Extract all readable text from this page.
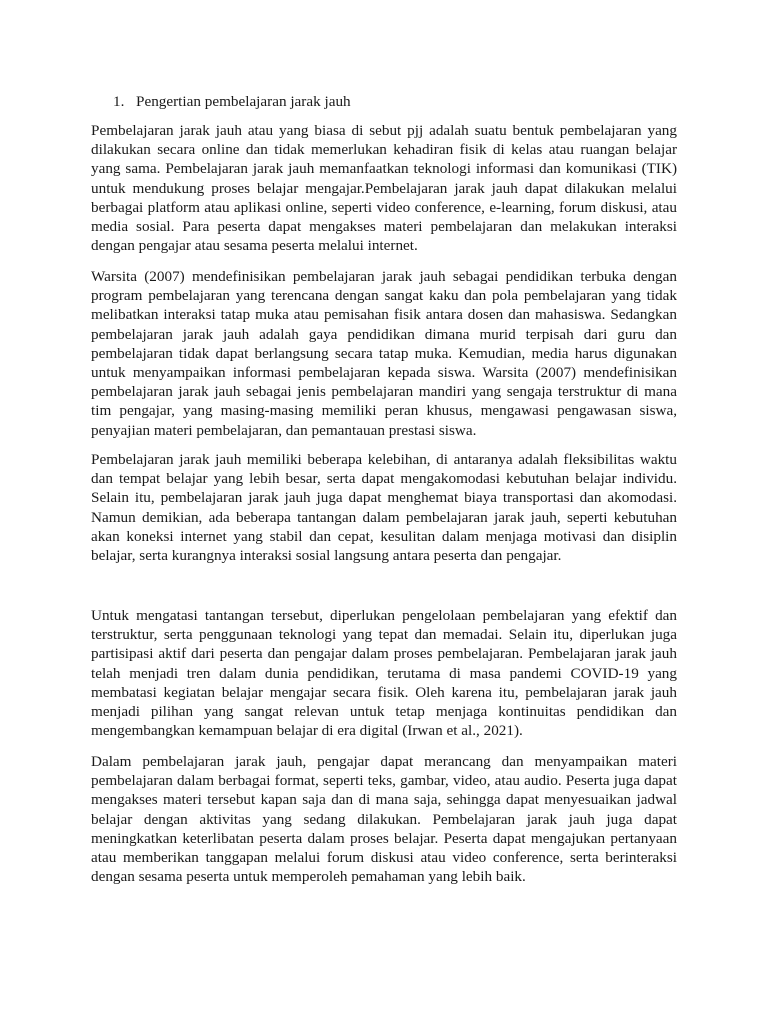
1. Pengertian pembelajaran jarak jauh

Pembelajaran jarak jauh atau yang biasa di sebut pjj adalah suatu bentuk pembelajaran yang dilakukan secara online dan tidak memerlukan kehadiran fisik di kelas atau ruangan belajar yang sama. Pembelajaran jarak jauh memanfaatkan teknologi informasi dan komunikasi (TIK) untuk mendukung proses belajar mengajar.Pembelajaran jarak jauh dapat dilakukan melalui berbagai platform atau aplikasi online, seperti video conference, e-learning, forum diskusi, atau media sosial. Para peserta dapat mengakses materi pembelajaran dan melakukan interaksi dengan pengajar atau sesama peserta melalui internet.

Warsita (2007) mendefinisikan pembelajaran jarak jauh sebagai pendidikan terbuka dengan program pembelajaran yang terencana dengan sangat kaku dan pola pembelajaran yang tidak melibatkan interaksi tatap muka atau pemisahan fisik antara dosen dan mahasiswa. Sedangkan pembelajaran jarak jauh adalah gaya pendidikan dimana murid terpisah dari guru dan pembelajaran tidak dapat berlangsung secara tatap muka. Kemudian, media harus digunakan untuk menyampaikan informasi pembelajaran kepada siswa. Warsita (2007) mendefinisikan pembelajaran jarak jauh sebagai jenis pembelajaran mandiri yang sengaja terstruktur di mana tim pengajar, yang masing-masing memiliki peran khusus, mengawasi pengawasan siswa, penyajian materi pembelajaran, dan pemantauan prestasi siswa.

Pembelajaran jarak jauh memiliki beberapa kelebihan, di antaranya adalah fleksibilitas waktu dan tempat belajar yang lebih besar, serta dapat mengakomodasi kebutuhan belajar individu. Selain itu, pembelajaran jarak jauh juga dapat menghemat biaya transportasi dan akomodasi. Namun demikian, ada beberapa tantangan dalam pembelajaran jarak jauh, seperti kebutuhan akan koneksi internet yang stabil dan cepat, kesulitan dalam menjaga motivasi dan disiplin belajar, serta kurangnya interaksi sosial langsung antara peserta dan pengajar.

Untuk mengatasi tantangan tersebut, diperlukan pengelolaan pembelajaran yang efektif dan terstruktur, serta penggunaan teknologi yang tepat dan memadai. Selain itu, diperlukan juga partisipasi aktif dari peserta dan pengajar dalam proses pembelajaran. Pembelajaran jarak jauh telah menjadi tren dalam dunia pendidikan, terutama di masa pandemi COVID-19 yang membatasi kegiatan belajar mengajar secara fisik. Oleh karena itu, pembelajaran jarak jauh menjadi pilihan yang sangat relevan untuk tetap menjaga kontinuitas pendidikan dan mengembangkan kemampuan belajar di era digital (Irwan et al., 2021).

Dalam pembelajaran jarak jauh, pengajar dapat merancang dan menyampaikan materi pembelajaran dalam berbagai format, seperti teks, gambar, video, atau audio. Peserta juga dapat mengakses materi tersebut kapan saja dan di mana saja, sehingga dapat menyesuaikan jadwal belajar dengan aktivitas yang sedang dilakukan. Pembelajaran jarak jauh juga dapat meningkatkan keterlibatan peserta dalam proses belajar. Peserta dapat mengajukan pertanyaan atau memberikan tanggapan melalui forum diskusi atau video conference, serta berinteraksi dengan sesama peserta untuk memperoleh pemahaman yang lebih baik.
